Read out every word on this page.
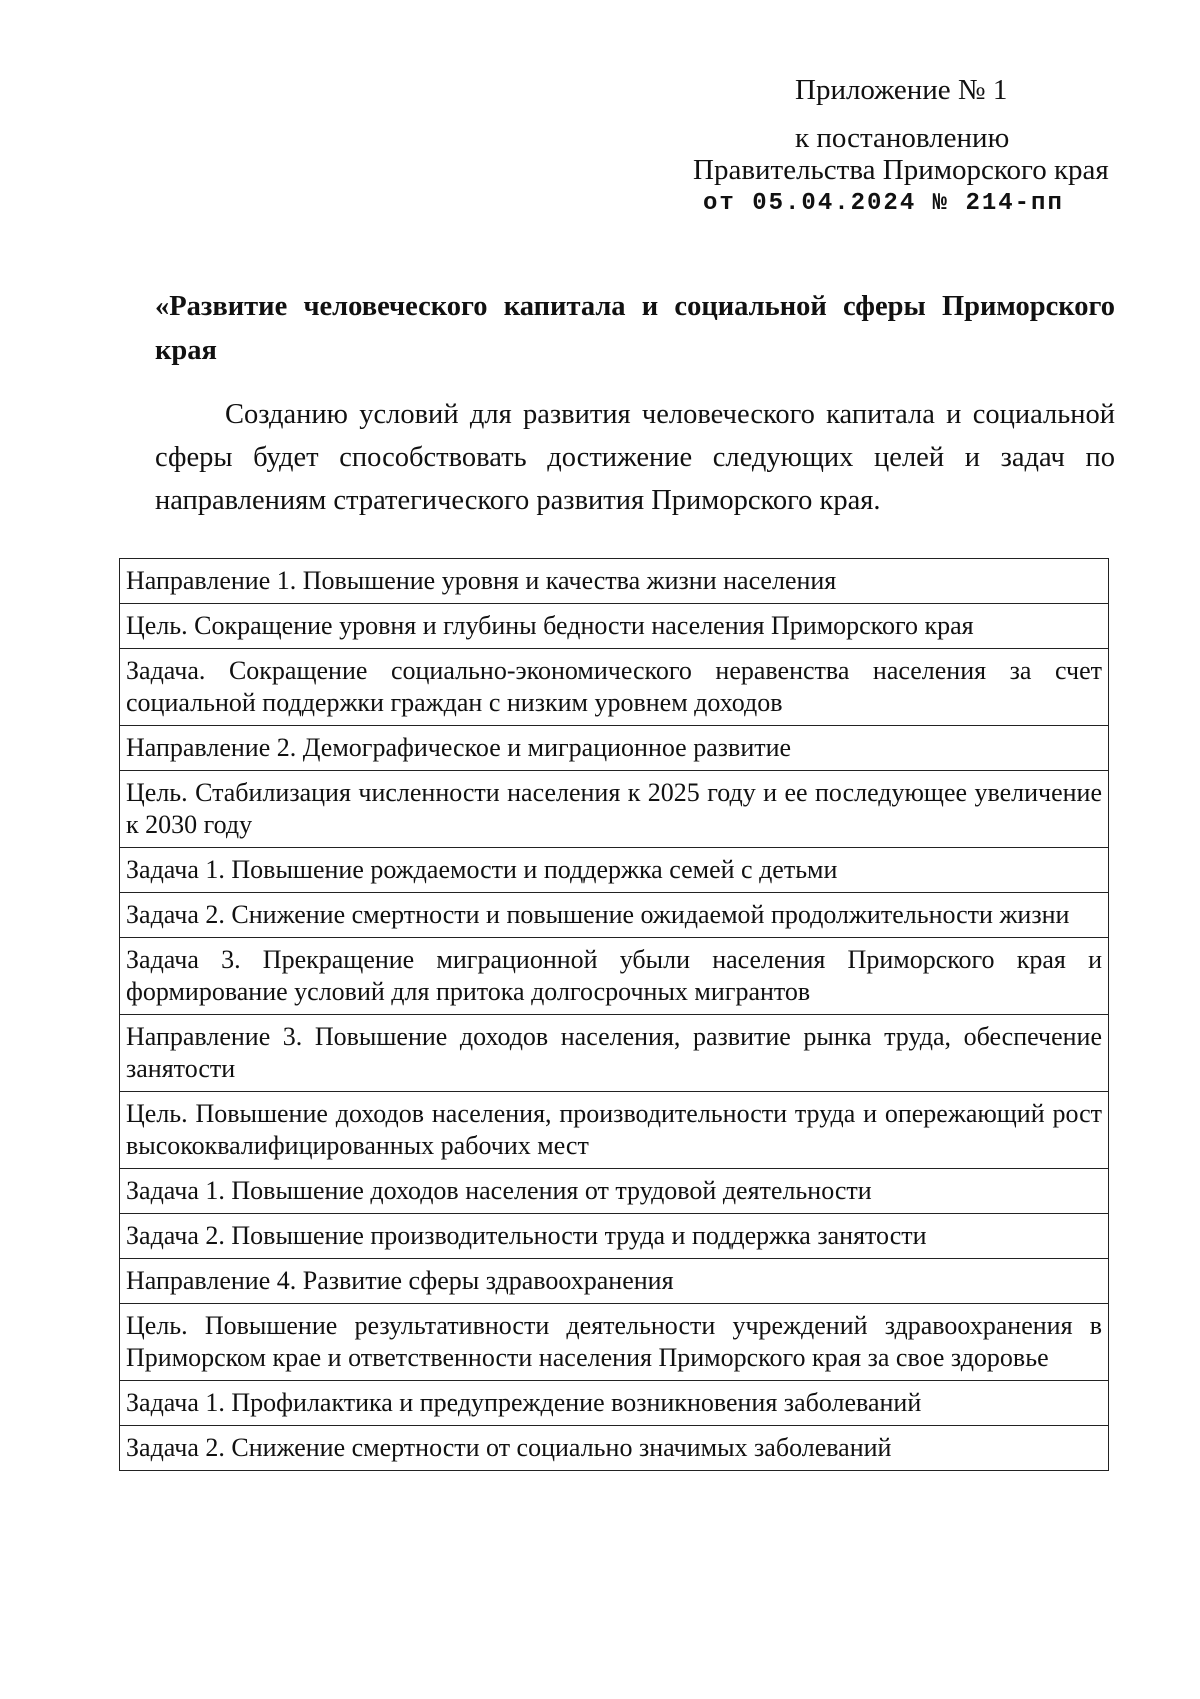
Приложение № 1
к постановлению
Правительства Приморского края
от 05.04.2024 № 214-пп

«Развитие человеческого капитала и социальной сферы Приморского края

Созданию условий для развития человеческого капитала и социальной сферы будет способствовать достижение следующих целей и задач по направлениям стратегического развития Приморского края.

Направление 1. Повышение уровня и качества жизни населения
Цель. Сокращение уровня и глубины бедности населения Приморского края
Задача. Сокращение социально-экономического неравенства населения за счет социальной поддержки граждан с низким уровнем доходов
Направление 2. Демографическое и миграционное развитие
Цель. Стабилизация численности населения к 2025 году и ее последующее увеличение к 2030 году
Задача 1. Повышение рождаемости и поддержка семей с детьми
Задача 2. Снижение смертности и повышение ожидаемой продолжительности жизни
Задача 3. Прекращение миграционной убыли населения Приморского края и формирование условий для притока долгосрочных мигрантов
Направление 3. Повышение доходов населения, развитие рынка труда, обеспечение занятости
Цель. Повышение доходов населения, производительности труда и опережающий рост высококвалифицированных рабочих мест
Задача 1. Повышение доходов населения от трудовой деятельности
Задача 2. Повышение производительности труда и поддержка занятости
Направление 4. Развитие сферы здравоохранения
Цель. Повышение результативности деятельности учреждений здравоохранения в Приморском крае и ответственности населения Приморского края за свое здоровье
Задача 1. Профилактика и предупреждение возникновения заболеваний
Задача 2. Снижение смертности от социально значимых заболеваний
